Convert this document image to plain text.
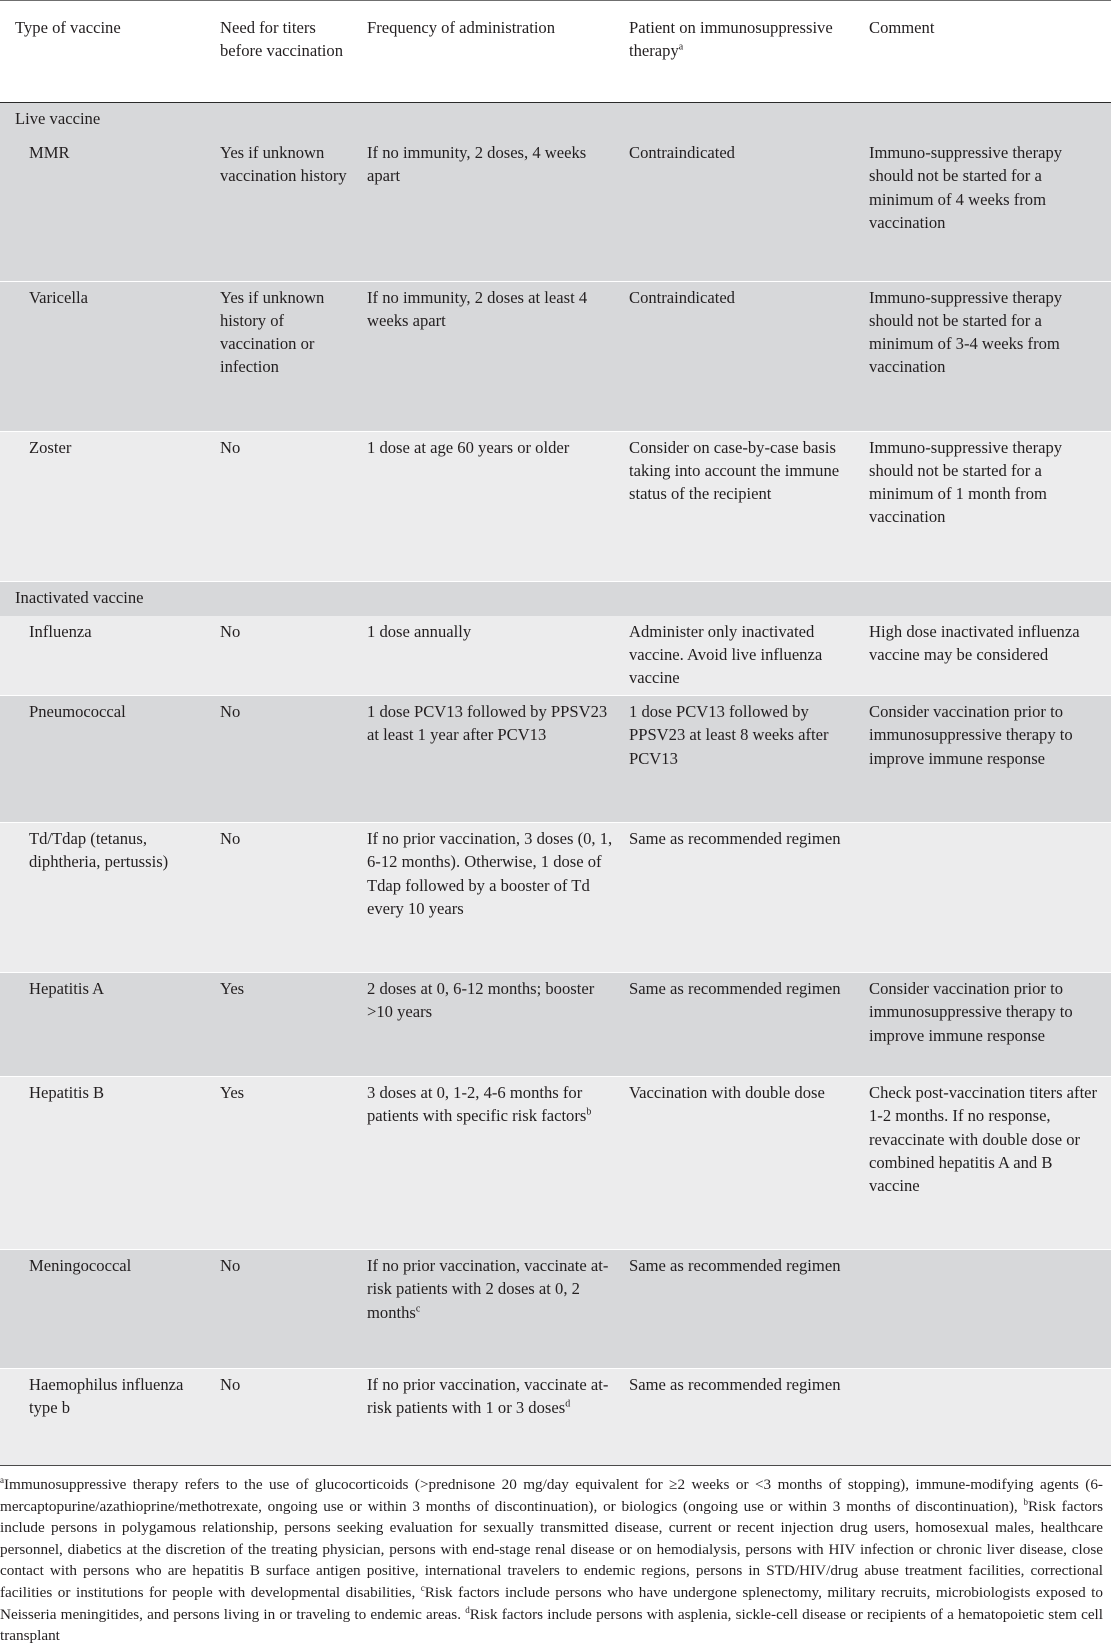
Type of vaccine	Need for titers before vaccination	Frequency of administration	Patient on immunosuppressive therapy$^a$	Comment
Live vaccine				
MMR	Yes if unknown vaccination history	If no immunity, 2 doses, 4 weeks apart	Contraindicated	Immuno-suppressive therapy should not be started for a minimum of 4 weeks from vaccination
Varicella	Yes if unknown history of vaccination or infection	If no immunity, 2 doses at least 4 weeks apart	Contraindicated	Immuno-suppressive therapy should not be started for a minimum of 3-4 weeks from vaccination
Zoster	No	1 dose at age 60 years or older	Consider on case-by-case basis taking into account the immune status of the recipient	Immuno-suppressive therapy should not be started for a minimum of 1 month from vaccination
Inactivated vaccine				
Influenza	No	1 dose annually	Administer only inactivated vaccine. Avoid live influenza vaccine	High dose inactivated influenza vaccine may be considered
Pneumococcal	No	1 dose PCV13 followed by PPSV23 at least 1 year after PCV13	1 dose PCV13 followed by PPSV23 at least 8 weeks after PCV13	Consider vaccination prior to immunosuppressive therapy to improve immune response
Td/Tdap (tetanus, diphtheria, pertussis)	No	If no prior vaccination, 3 doses (0, 1, 6-12 months). Otherwise, 1 dose of Tdap followed by a booster of Td every 10 years	Same as recommended regimen	
Hepatitis A	Yes	2 doses at 0, 6-12 months; booster >10 years	Same as recommended regimen	Consider vaccination prior to immunosuppressive therapy to improve immune response
Hepatitis B	Yes	3 doses at 0, 1-2, 4-6 months for patients with specific risk factors$^b$	Vaccination with double dose	Check post-vaccination titers after 1-2 months. If no response, revaccinate with double dose or combined hepatitis A and B vaccine
Meningococcal	No	If no prior vaccination, vaccinate at-risk patients with 2 doses at 0, 2 months$^c$	Same as recommended regimen	
Haemophilus influenza type b	No	If no prior vaccination, vaccinate at-risk patients with 1 or 3 doses$^d$	Same as recommended regimen	
$^a$Immunosuppressive therapy refers to the use of glucocorticoids (>prednisone 20 mg/day equivalent for ≥2 weeks or <3 months of stopping), immune-modifying agents (6-mercaptopurine/azathioprine/methotrexate, ongoing use or within 3 months of discontinuation), or biologics (ongoing use or within 3 months of discontinuation), $^b$Risk factors include persons in polygamous relationship, persons seeking evaluation for sexually transmitted disease, current or recent injection drug users, homosexual males, healthcare personnel, diabetics at the discretion of the treating physician, persons with end-stage renal disease or on hemodialysis, persons with HIV infection or chronic liver disease, close contact with persons who are hepatitis B surface antigen positive, international travelers to endemic regions, persons in STD/HIV/drug abuse treatment facilities, correctional facilities or institutions for people with developmental disabilities, $^c$Risk factors include persons who have undergone splenectomy, military recruits, microbiologists exposed to Neisseria meningitides, and persons living in or traveling to endemic areas. $^d$Risk factors include persons with asplenia, sickle-cell disease or recipients of a hematopoietic stem cell transplant
